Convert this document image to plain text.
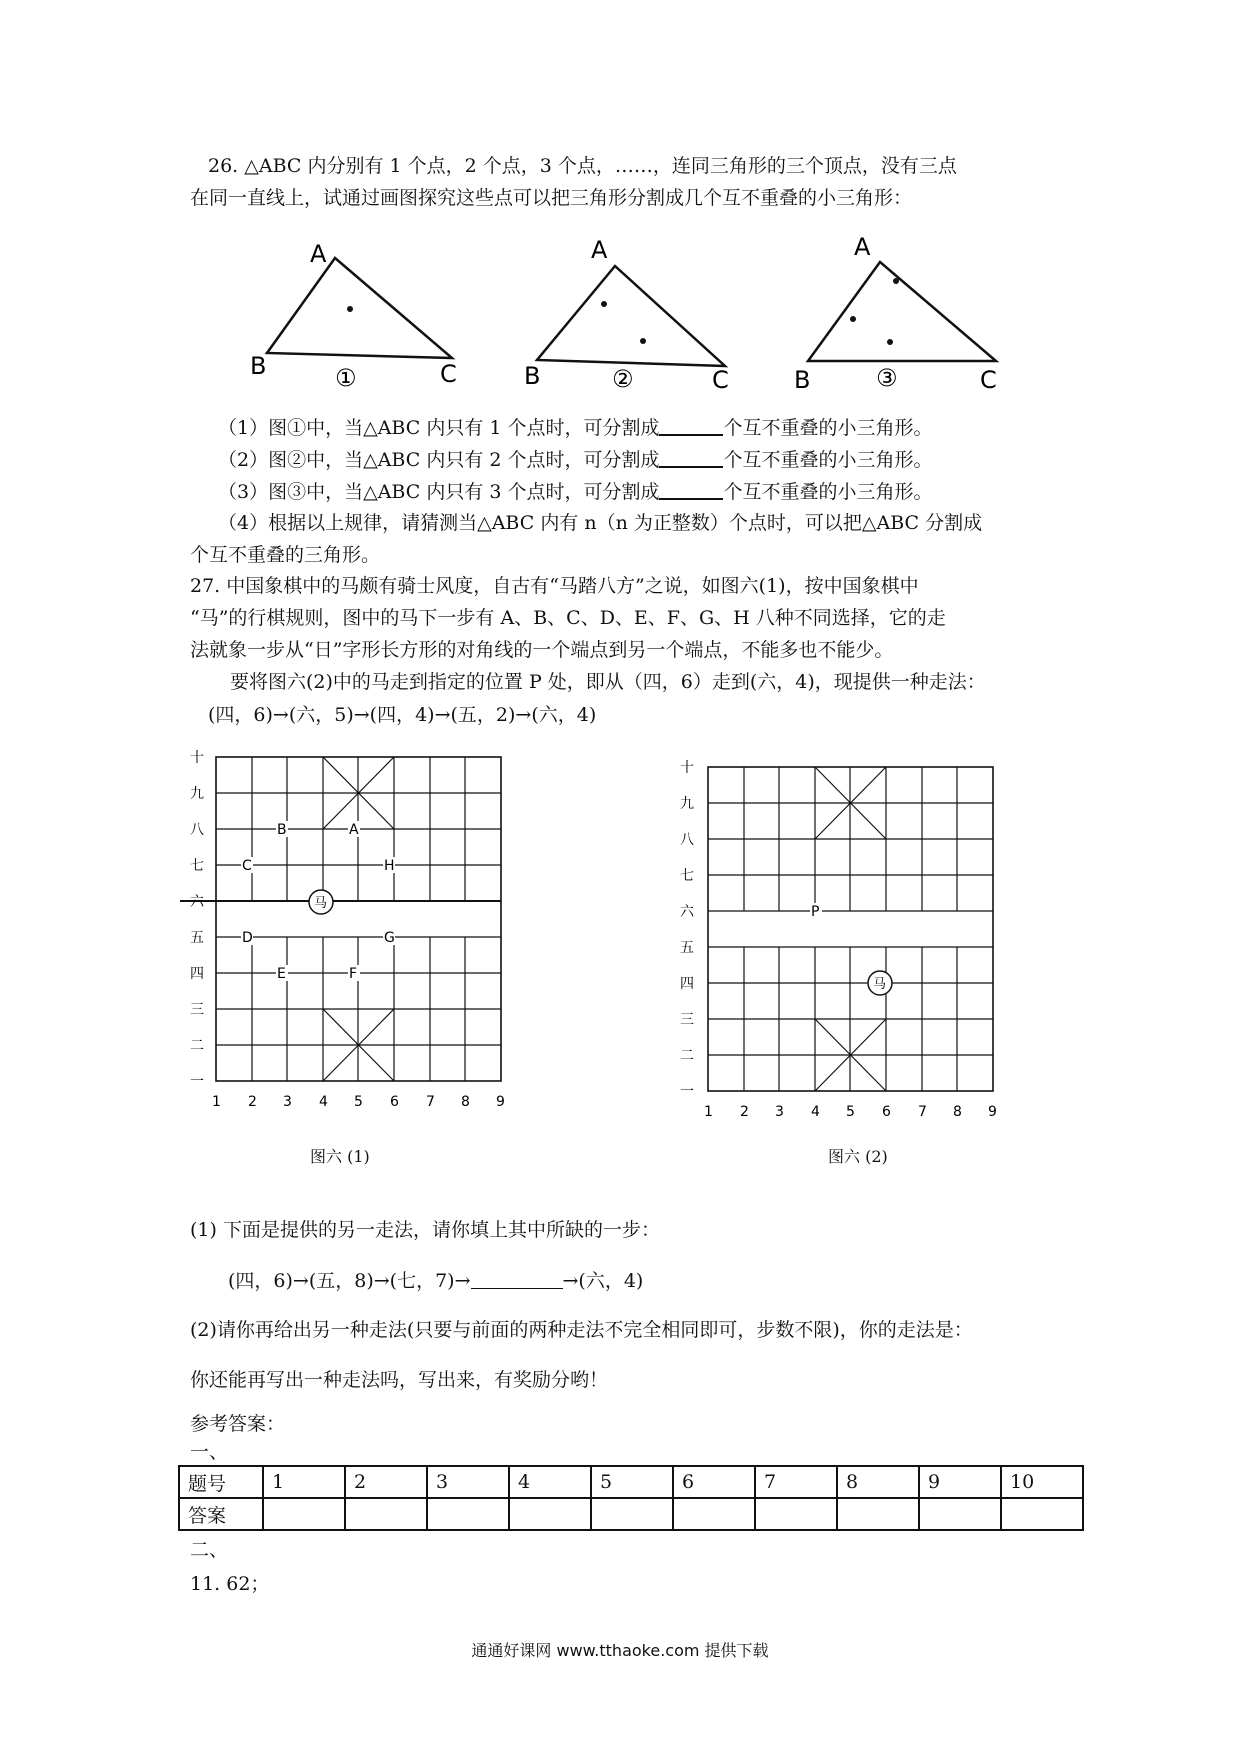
26. △ABC 内分别有 1 个点，2 个点，3 个点，……，连同三角形的三个顶点，没有三点
在同一直线上，试通过画图探究这些点可以把三角形分割成几个互不重叠的小三角形：
A
B	C
①
A
B	C
②
A
B	C
③
（1）图①中，当△ABC 内只有 1 个点时，可分割成	个互不重叠的小三角形。
（2）图②中，当△ABC 内只有 2 个点时，可分割成	个互不重叠的小三角形。
（3）图③中，当△ABC 内只有 3 个点时，可分割成	个互不重叠的小三角形。
（4）根据以上规律，请猜测当△ABC 内有 n（n 为正整数）个点时，可以把△ABC 分割成
个互不重叠的三角形。
27. 中国象棋中的马颇有骑士风度，自古有“马踏八方”之说，如图六(1)，按中国象棋中
“马”的行棋规则，图中的马下一步有 A、B、C、D、E、F、G、H 八种不同选择，它的走
法就象一步从“日”字形长方形的对角线的一个端点到另一个端点，不能多也不能少。
要将图六(2)中的马走到指定的位置 P 处，即从（四，6）走到(六，4)，现提供一种走法：
(四，6)→(六，5)→(四，4)→(五，2)→(六，4)
十
九
八
七
六
五
四
三
二
一
1 2 3 4 5 6 7 8 9
A
B
C
D
E	F
G
H
马
图六 (1)
十
九
八
七
六
五
四
三
二
一
1 2 3 4 5 6 7 8 9
P
马
图六 (2)
(1) 下面是提供的另一走法，请你填上其中所缺的一步：
(四，6)→(五，8)→(七，7)→	→(六，4)
(2)请你再给出另一种走法(只要与前面的两种走法不完全相同即可，步数不限)，你的走法是：
你还能再写出一种走法吗，写出来，有奖励分哟！
参考答案：
一、
题号	1	2	3	4	5	6	7	8	9	10
答案										
二、
11. 62；
通通好课网 www.tthaoke.com 提供下载
